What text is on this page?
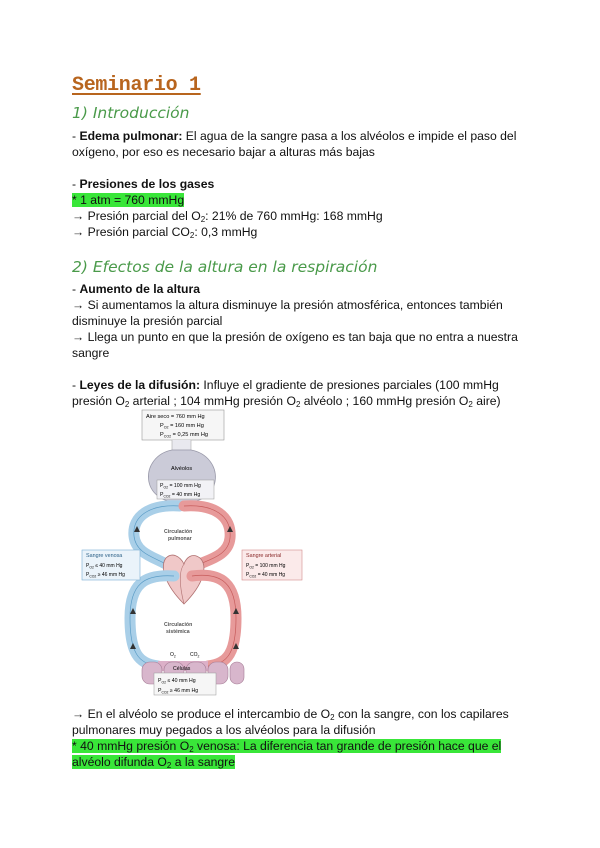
Seminario 1
1) Introducción
- Edema pulmonar: El agua de la sangre pasa a los alvéolos e impide el paso del
oxígeno, por eso es necesario bajar a alturas más bajas
- Presiones de los gases
* 1 atm = 760 mmHg
→ Presión parcial del $O_2$: 21% de 760 mmHg: 168 mmHg
→ Presión parcial $CO_2$: 0,3 mmHg
2) Efectos de la altura en la respiración
- Aumento de la altura
→ Si aumentamos la altura disminuye la presión atmosférica, entonces también
disminuye la presión parcial
→ Llega un punto en que la presión de oxígeno es tan baja que no entra a nuestra
sangre
- Leyes de la difusión: Influye el gradiente de presiones parciales (100 mmHg
presión $O_2$ arterial ; 104 mmHg presión $O_2$ alvéolo ; 160 mmHg presión $O_2$ aire)
Aire seco = 760 mm Hg
$P_{O2} = 160$ mm Hg
$P_{CO2} = 0,25$ mm Hg
Alvéolos
$P_{O2} = 100$ mm Hg
$P_{CO2} = 40$ mm Hg
Circulación
pulmonar
Circulación
sistémica
Sangre venosa
$P_{O2} \le 40$ mm Hg
$P_{CO2} \ge 46$ mm Hg
Sangre arterial
$P_{O2} = 100$ mm Hg
$P_{CO2} = 40$ mm Hg
$O_2$	$CO_2$
Células
$P_{O2} \le 40$ mm Hg
$P_{CO2} \ge 46$ mm Hg
→ En el alvéolo se produce el intercambio de $O_2$ con la sangre, con los capilares
pulmonares muy pegados a los alvéolos para la difusión
* 40 mmHg presión $O_2$ venosa: La diferencia tan grande de presión hace que el
alvéolo difunda $O_2$ a la sangre
